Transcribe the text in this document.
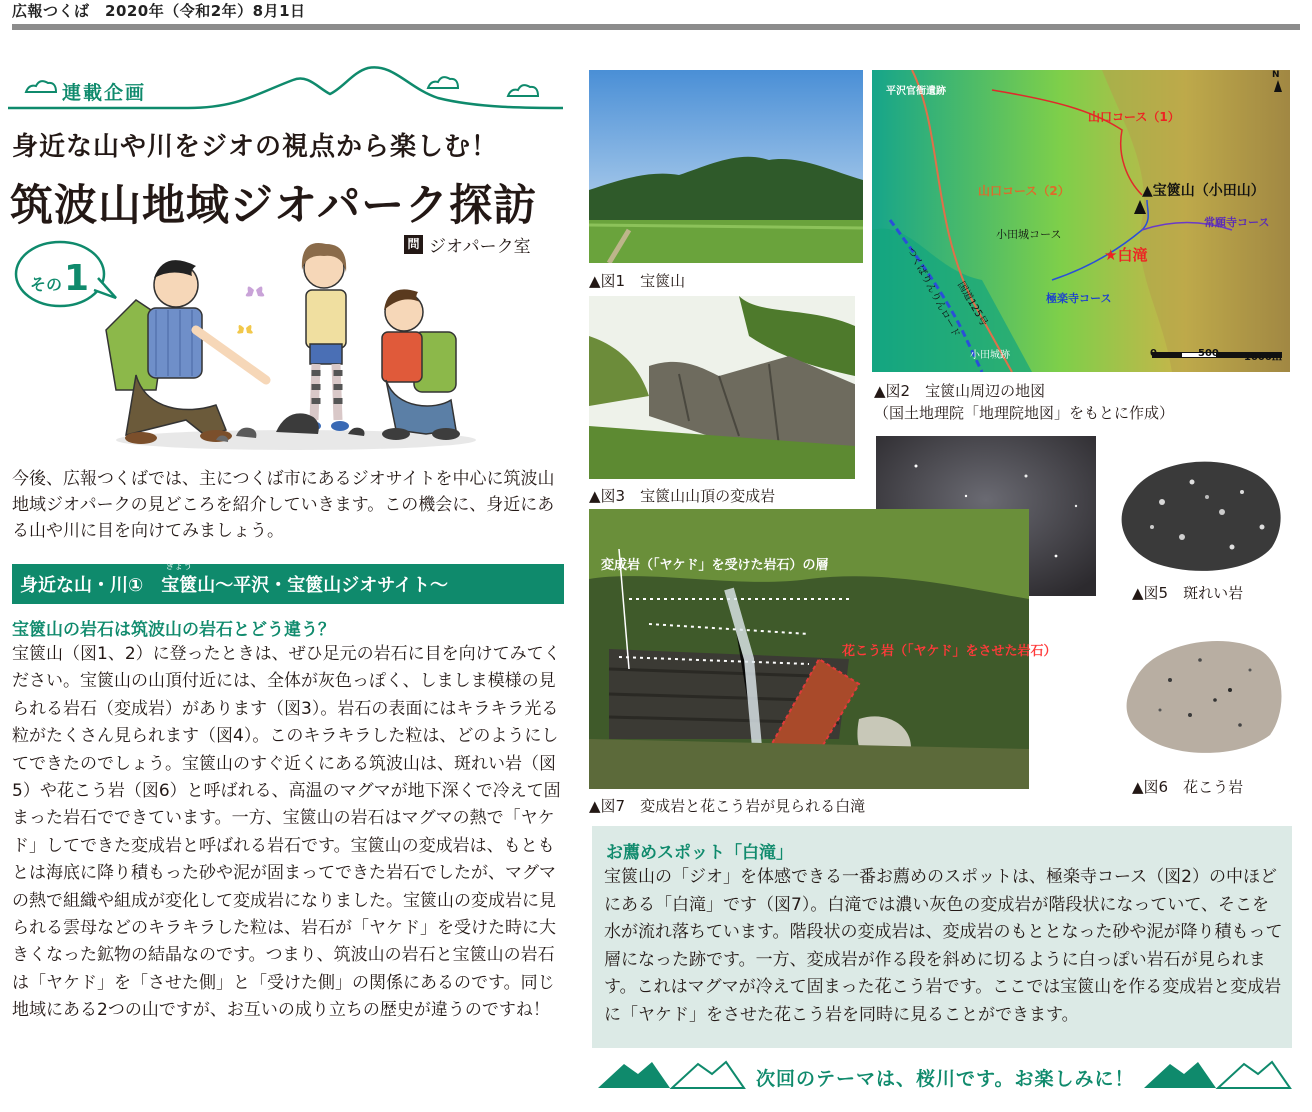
広報つくば　2020年（令和2年）8月1日
連載企画
身近な山や川をジオの視点から楽しむ！
筑波山地域ジオパーク探訪
問 ジオパーク室
その 1
今後、広報つくばでは、主につくば市にあるジオサイトを中心に筑波山地域ジオパークの見どころを紹介していきます。この機会に、身近にある山や川に目を向けてみましょう。
身近な山・川①　
きょう
宝篋山 ～平沢・宝篋山ジオサイト～
宝篋山の岩石は筑波山の岩石とどう違う？
宝篋山（図1、2）に登ったときは、ぜひ足元の岩石に目を向けてみてください。宝篋山の山頂付近には、全体が灰色っぽく、しましま模様の見られる岩石（変成岩）があります（図3）。岩石の表面にはキラキラ光る粒がたくさん見られます（図4）。このキラキラした粒は、どのようにしてできたのでしょう。宝篋山のすぐ近くにある筑波山は、斑れい岩（図5）や花こう岩（図6）と呼ばれる、高温のマグマが地下深くで冷えて固まった岩石でできています。一方、宝篋山の岩石はマグマの熱で「ヤケド」してできた変成岩と呼ばれる岩石です。宝篋山の変成岩は、もともとは海底に降り積もった砂や泥が固まってできた岩石でしたが、マグマの熱で組織や組成が変化して変成岩になりました。宝篋山の変成岩に見られる雲母などのキラキラした粒は、岩石が「ヤケド」を受けた時に大きくなった鉱物の結晶なのです。つまり、筑波山の岩石と宝篋山の岩石は「ヤケド」を「させた側」と「受けた側」の関係にあるのです。同じ地域にある2つの山ですが、お互いの成り立ちの歴史が違うのですね！
▲図1　宝篋山
平沢官衙遺跡
山口コース（1）
山口コース（2）	▲宝篋山（小田山）
常願寺コース
小田城コース
★白滝
国道125号	極楽寺コース
つくばりんりんロード
小田城跡	0	500	1000ｍ
N
▲図2　宝篋山周辺の地図
（国土地理院「地理院地図」をもとに作成）
▲図3　宝篋山山頂の変成岩
▲図5　斑れい岩
▲図6　花こう岩
変成岩（「ヤケド」を受けた岩石）の層
花こう岩（「ヤケド」をさせた岩石）
▲図7　変成岩と花こう岩が見られる白滝
お薦めスポット「白滝」
宝篋山の「ジオ」を体感できる一番お薦めのスポットは、極楽寺コース（図2）の中ほどにある「白滝」です（図7）。白滝では濃い灰色の変成岩が階段状になっていて、そこを水が流れ落ちています。階段状の変成岩は、変成岩のもととなった砂や泥が降り積もって層になった跡です。一方、変成岩が作る段を斜めに切るように白っぽい岩石が見られます。これはマグマが冷えて固まった花こう岩です。ここでは宝篋山を作る変成岩と変成岩に「ヤケド」をさせた花こう岩を同時に見ることができます。
次回のテーマは、桜川です。お楽しみに！
